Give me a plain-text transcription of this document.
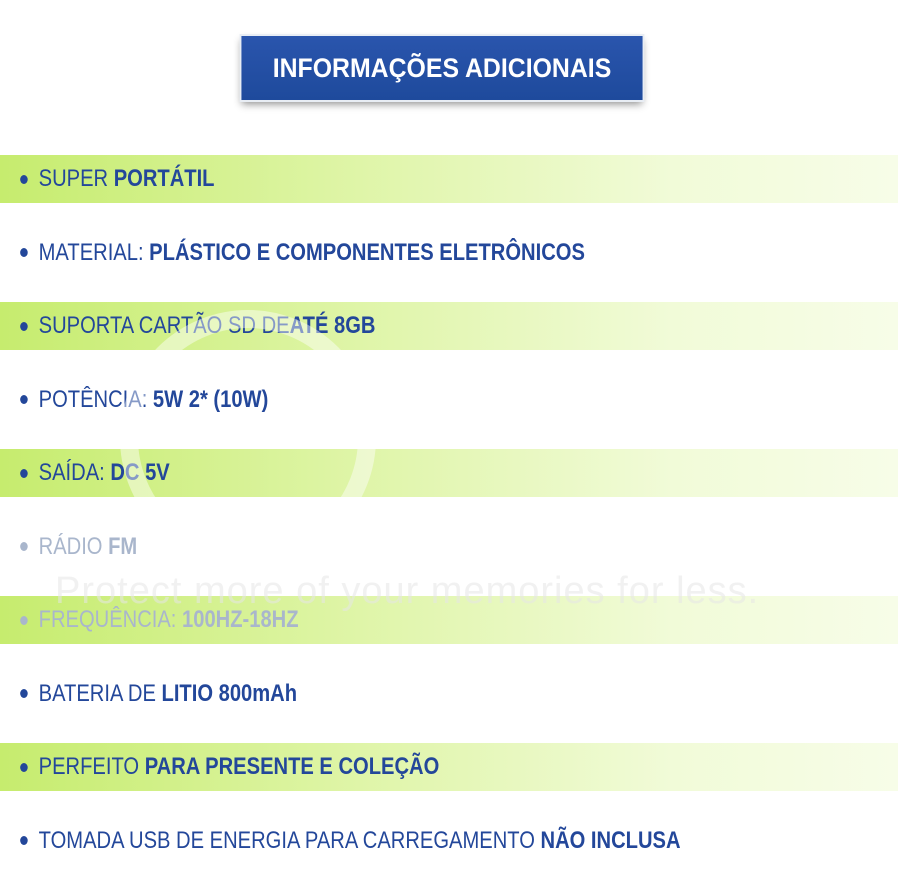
INFORMAÇÕES ADICIONAIS
SUPER
PORTÁTIL
MATERIAL:
PLÁSTICO E COMPONENTES ELETRÔNICOS
SUPORTA CARTÃO SD DE ATÉ 8GB
POTÊNCIA:
5W 2* (10W)
SAÍDA:
DC 5V
RÁDIO
FM
FREQUÊNCIA:
100HZ-18HZ
BATERIA DE
LITIO 800mAh
PERFEITO
PARA PRESENTE E COLEÇÃO
TOMADA USB DE ENERGIA PARA CARREGAMENTO
NÃO INCLUSA
Protect more of your memories for less.
